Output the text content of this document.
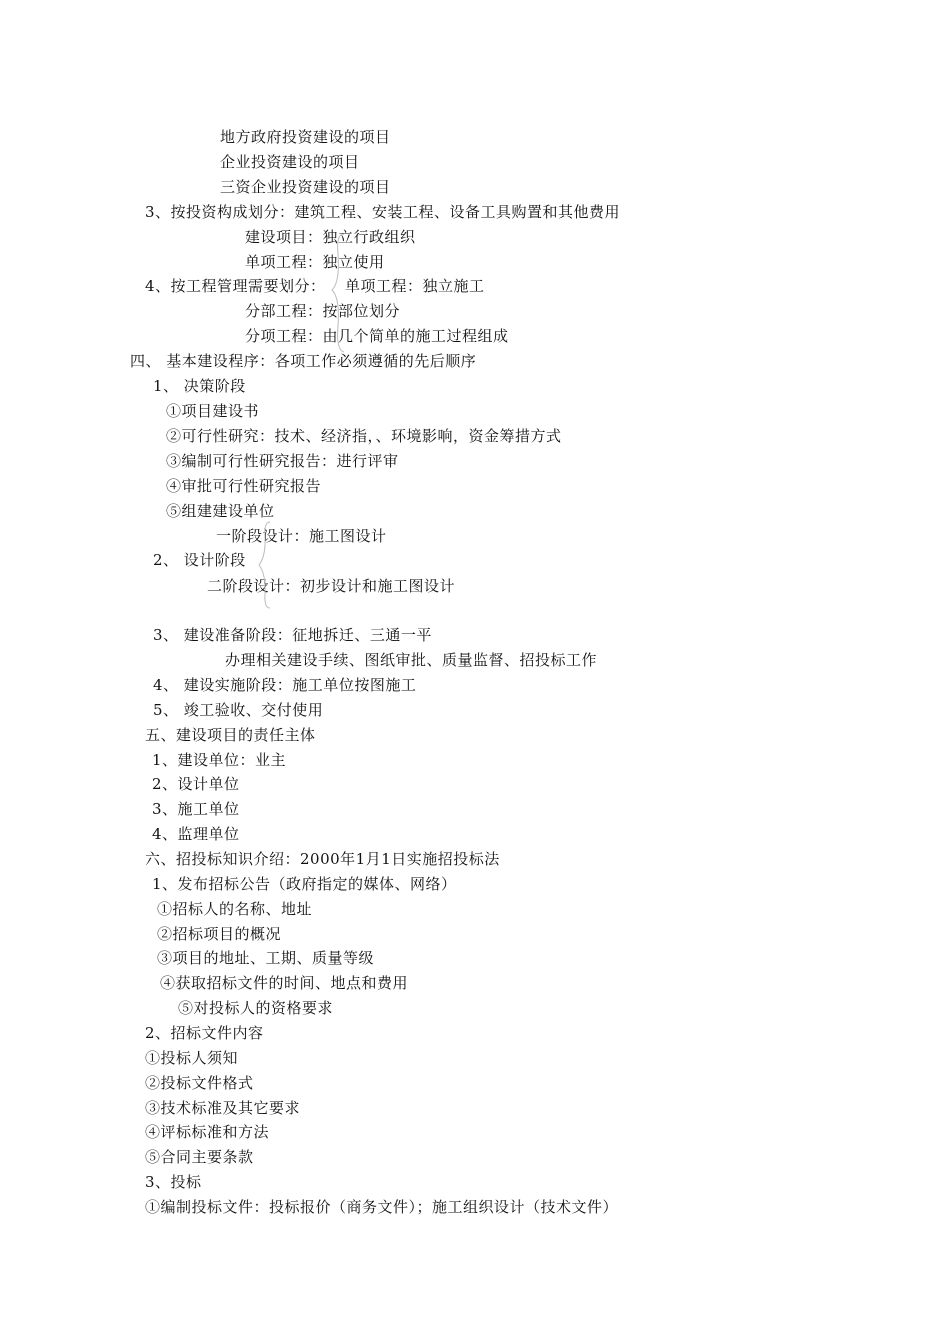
地方政府投资建设的项目
企业投资建设的项目
三资企业投资建设的项目
3、按投资构成划分：建筑工程、安装工程、设备工具购置和其他费用
建设项目：独立行政组织
单项工程：独立使用
4、按工程管理需要划分： 单项工程：独立施工
分部工程：按部位划分
分项工程：由几个简单的施工过程组成
四、 基本建设程序：各项工作必须遵循的先后顺序
1、 决策阶段
①项目建设书
②可行性研究：技术、经济指，、环境影响，资金筹措方式
③编制可行性研究报告：进行评审
④审批可行性研究报告
⑤组建建设单位
一阶段设计：施工图设计
2、 设计阶段
二阶段设计：初步设计和施工图设计
3、 建设准备阶段：征地拆迁、三通一平
办理相关建设手续、图纸审批、质量监督、招投标工作
4、 建设实施阶段：施工单位按图施工
5、 竣工验收、交付使用
五、建设项目的责任主体
1、建设单位：业主
2、设计单位
3、施工单位
4、监理单位
六、招投标知识介绍：2000年1月1日实施招投标法
1、发布招标公告（政府指定的媒体、网络）
①招标人的名称、地址
②招标项目的概况
③项目的地址、工期、质量等级
④获取招标文件的时间、地点和费用
⑤对投标人的资格要求
2、招标文件内容
①投标人须知
②投标文件格式
③技术标准及其它要求
④评标标准和方法
⑤合同主要条款
3、投标
①编制投标文件：投标报价（商务文件）；施工组织设计（技术文件）
